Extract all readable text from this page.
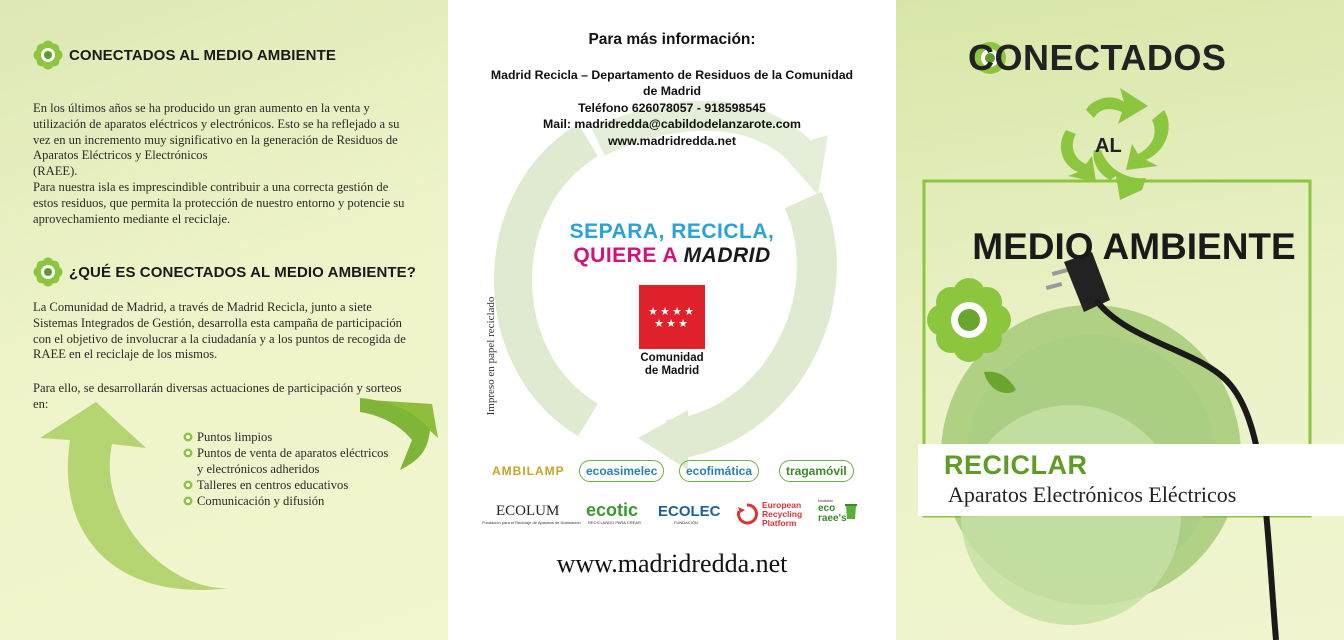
CONECTADOS AL MEDIO AMBIENTE
En los últimos años se ha producido un gran aumento en la venta y
utilización de aparatos eléctricos y electrónicos. Esto se ha reflejado a su
vez en un incremento muy significativo en la generación de Residuos de
Aparatos Eléctricos y Electrónicos
(RAEE).
Para nuestra isla es imprescindible contribuir a una correcta gestión de
estos residuos, que permita la protección de nuestro entorno y potencie su
aprovechamiento mediante el reciclaje.
¿QUÉ ES CONECTADOS AL MEDIO AMBIENTE?
La Comunidad de Madrid, a través de Madrid Recicla, junto a siete
Sistemas Integrados de Gestión, desarrolla esta campaña de participación
con el objetivo de involucrar a la ciudadanía y a los puntos de recogida de
RAEE en el reciclaje de los mismos.
Para ello, se desarrollarán diversas actuaciones de participación y sorteos
en:
Puntos limpios
Puntos de venta de aparatos eléctricos
y electrónicos adheridos
Talleres en centros educativos
Comunicación y difusión
Para más información:
Madrid Recicla – Departamento de Residuos de la Comunidad
de Madrid
Teléfono 626078057 - 918598545
Mail: madridredda@cabildodelanzarote.com
www.madridredda.net
SEPARA, RECICLA,
QUIERE A MADRID
★ ★ ★ ★
★ ★ ★
Comunidad
de Madrid
Impreso en papel reciclado
AMBILAMP	ecoasimelec	ecofimática	tragamóvil
ECOLUM
Fundación para el Reciclaje de Aparatos de Iluminación
ecotic
RECICLANDO PARA CREAR
ECOLEC
FUNDACIÓN
European
Recycling
Platform
fundación
eco
raee's
www.madridredda.net
CONECTADOS
AL
MEDIO AMBIENTE
RECICLAR
Aparatos Electrónicos Eléctricos
